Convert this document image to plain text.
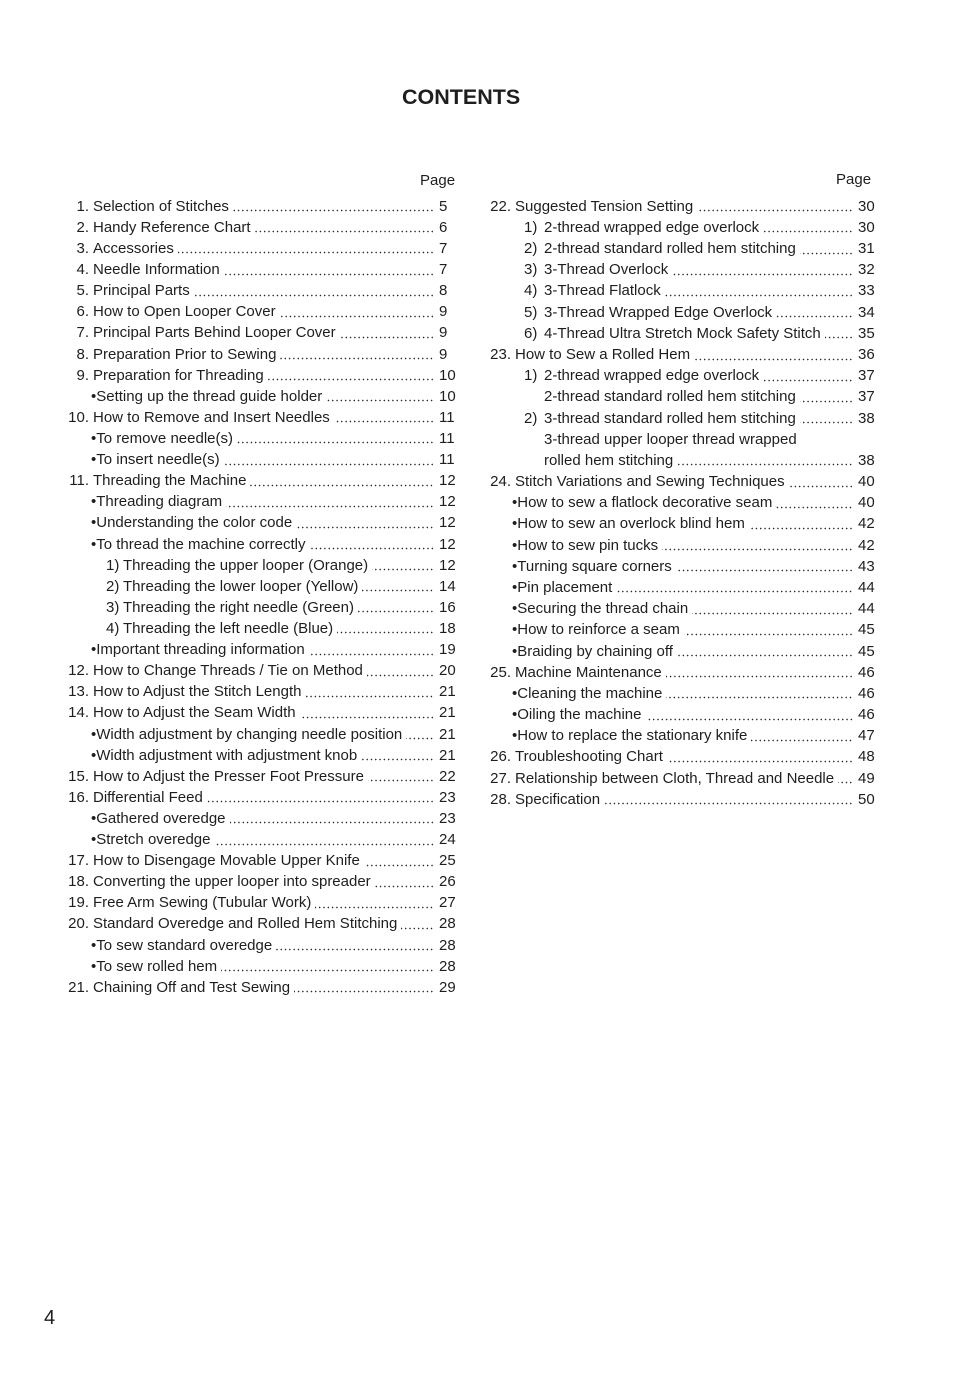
CONTENTS
Page	Page
1. Selection of Stitches	5
2. Handy Reference Chart	6
3. Accessories	7
4. Needle Information	7
5. Principal Parts	8
6. How to Open Looper Cover	9
7. Principal Parts Behind Looper Cover	9
8. Preparation Prior to Sewing	9
9. Preparation for Threading	10
•Setting up the thread guide holder	10
10. How to Remove and Insert Needles	11
•To remove needle(s)	11
•To insert needle(s)	11
11. Threading the Machine	12
•Threading diagram	12
•Understanding the color code	12
•To thread the machine correctly	12
1) Threading the upper looper (Orange)	12
2) Threading the lower looper (Yellow)	14
3) Threading the right needle (Green)	16
4) Threading the left needle (Blue)	18
•Important threading information	19
12. How to Change Threads / Tie on Method	20
13. How to Adjust the Stitch Length	21
14. How to Adjust the Seam Width	21
•Width adjustment by changing needle position 21
•Width adjustment with adjustment knob	21
15. How to Adjust the Presser Foot Pressure	22
16. Differential Feed	23
•Gathered overedge	23
•Stretch overedge	24
17. How to Disengage Movable Upper Knife	25
18. Converting the upper looper into spreader	26
19. Free Arm Sewing (Tubular Work)	27
20. Standard Overedge and Rolled Hem Stitching	28
•To sew standard overedge	28
•To sew rolled hem	28
21. Chaining Off and Test Sewing	29
22. Suggested Tension Setting	30
1) 2-thread wrapped edge overlock	30
2) 2-thread standard rolled hem stitching	31
3) 3-Thread Overlock	32
4) 3-Thread Flatlock	33
5) 3-Thread Wrapped Edge Overlock	34
6) 4-Thread Ultra Stretch Mock Safety Stitch 35
23. How to Sew a Rolled Hem	36
1) 2-thread wrapped edge overlock	37
2-thread standard rolled hem stitching	37
2) 3-thread standard rolled hem stitching	38
3-thread upper looper thread wrapped
rolled hem stitching	38
24. Stitch Variations and Sewing Techniques	40
•How to sew a flatlock decorative seam	40
•How to sew an overlock blind hem	42
•How to sew pin tucks	42
•Turning square corners	43
•Pin placement	44
•Securing the thread chain	44
•How to reinforce a seam	45
•Braiding by chaining off	45
25. Machine Maintenance	46
•Cleaning the machine	46
•Oiling the machine	46
•How to replace the stationary knife	47
26. Troubleshooting Chart	48
27. Relationship between Cloth, Thread and Needle 49
28. Specification	50
4
